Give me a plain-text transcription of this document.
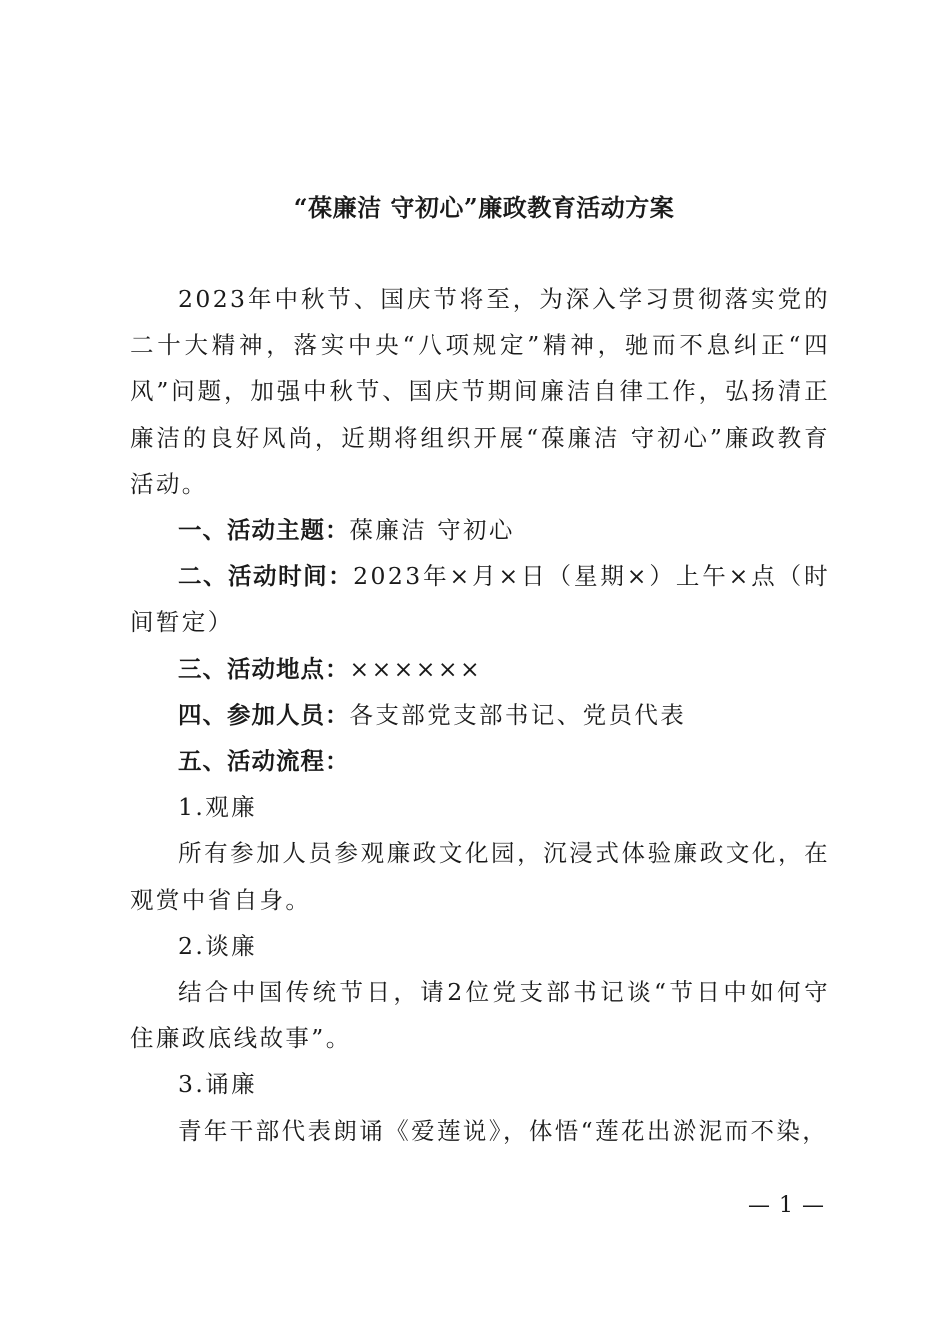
“葆廉洁 守初心”廉政教育活动方案

2023年中秋节、国庆节将至，为深入学习贯彻落实党的二十大精神，落实中央“八项规定”精神，驰而不息纠正“四风”问题，加强中秋节、国庆节期间廉洁自律工作，弘扬清正廉洁的良好风尚，近期将组织开展“葆廉洁 守初心”廉政教育活动。

一、活动主题：葆廉洁 守初心

二、活动时间：2023年×月×日（星期×）上午×点（时间暂定）

三、活动地点：××××××

四、参加人员：各支部党支部书记、党员代表

五、活动流程：

1.观廉

所有参加人员参观廉政文化园，沉浸式体验廉政文化，在观赏中省自身。

2.谈廉

结合中国传统节日，请2位党支部书记谈“节日中如何守住廉政底线故事”。

3.诵廉

青年干部代表朗诵《爱莲说》，体悟“莲花出淤泥而不染，

— 1 —
